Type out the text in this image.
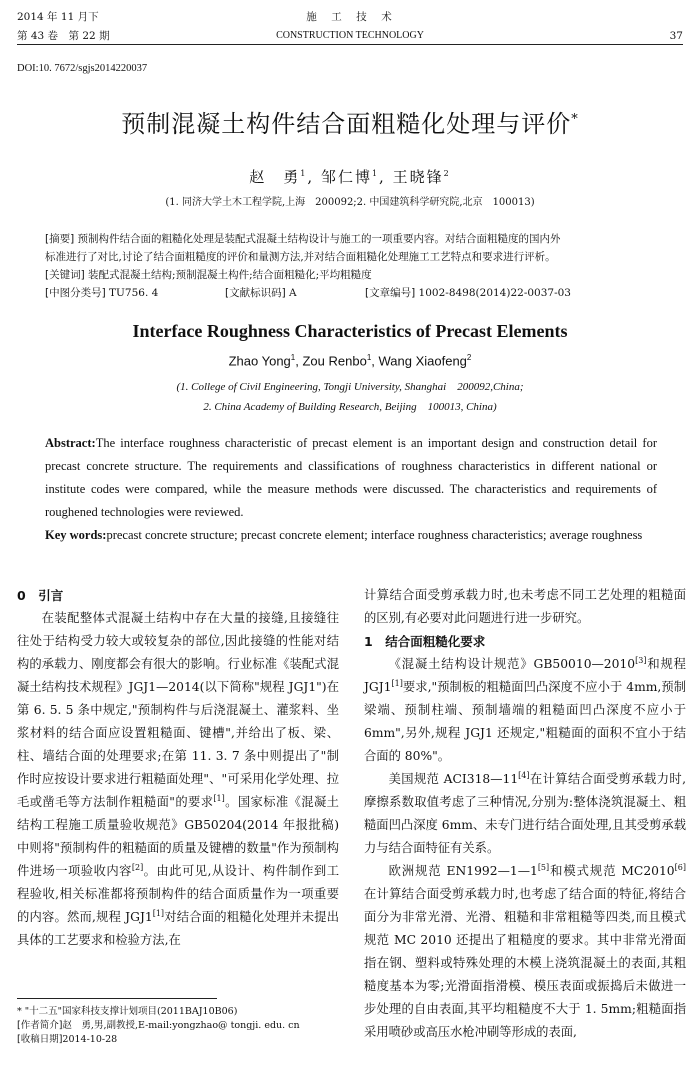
2014 年 11 月下
第 43 卷　第 22 期
施　工　技　术
CONSTRUCTION TECHNOLOGY	37
DOI:10. 7672/sgjs2014220037
预制混凝土构件结合面粗糙化处理与评价*
赵　勇$^1$, 邹仁博$^1$, 王晓锋$^2$
(1. 同济大学土木工程学院,上海　200092;2. 中国建筑科学研究院,北京　100013)
[摘要] 预制构件结合面的粗糙化处理是装配式混凝土结构设计与施工的一项重要内容。对结合面粗糙度的国内外
标准进行了对比,讨论了结合面粗糙度的评价和量测方法,并对结合面粗糙化处理施工工艺特点和要求进行评析。
[关键词] 装配式混凝土结构;预制混凝土构件;结合面粗糙化;平均粗糙度
[中图分类号] TU756. 4	[文献标识码] A	[文章编号] 1002-8498(2014)22-0037-03
Interface Roughness Characteristics of Precast Elements
Zhao Yong$^1$, Zou Renbo$^1$, Wang Xiaofeng$^2$
(1. College of Civil Engineering, Tongji University, Shanghai　200092,China;
2. China Academy of Building Research, Beijing　100013, China)
Abstract:The interface roughness characteristic of precast element is an important design and construction detail for precast concrete structure. The requirements and classifications of roughness characteristics in different national or institute codes were compared, while the measure methods were discussed. The characteristics and requirements of roughened technologies were reviewed.
Key words:precast concrete structure; precast concrete element; interface roughness characteristics; average roughness

0　引言

在装配整体式混凝土结构中存在大量的接缝,且接缝往往处于结构受力较大或较复杂的部位,因此接缝的性能对结构的承载力、刚度都会有很大的影响。行业标准《装配式混凝土结构技术规程》JGJ1—2014(以下简称"规程 JGJ1")在第 6. 5. 5 条中规定,"预制构件与后浇混凝土、灌浆料、坐浆材料的结合面应设置粗糙面、键槽",并给出了板、梁、柱、墙结合面的处理要求;在第 11. 3. 7 条中则提出了"制作时应按设计要求进行粗糙面处理"、"可采用化学处理、拉毛或凿毛等方法制作粗糙面"的要求[1]。国家标准《混凝土结构工程施工质量验收规范》GB50204(2014 年报批稿)中则将"预制构件的粗糙面的质量及键槽的数量"作为预制构件进场一项验收内容[2]。由此可见,从设计、构件制作到工程验收,相关标准都将预制构件的结合面质量作为一项重要的内容。然而,规程 JGJ1[1]对结合面的粗糙化处理并未提出具体的工艺要求和检验方法,在

计算结合面受剪承载力时,也未考虑不同工艺处理的粗糙面的区别,有必要对此问题进行进一步研究。

1　结合面粗糙化要求

《混凝土结构设计规范》GB50010—2010[3]和规程 JGJ1[1]要求,"预制板的粗糙面凹凸深度不应小于 4mm,预制梁端、预制柱端、预制墙端的粗糙面凹凸深度不应小于 6mm",另外,规程 JGJ1 还规定,"粗糙面的面积不宜小于结合面的 80%"。

美国规范 ACI318—11[4]在计算结合面受剪承载力时,摩擦系数取值考虑了三种情况,分别为:整体浇筑混凝土、粗糙面凹凸深度 6mm、未专门进行结合面处理,且其受剪承载力与结合面特征有关系。

欧洲规范 EN1992—1—1[5]和模式规范 MC2010[6]在计算结合面受剪承载力时,也考虑了结合面的特征,将结合面分为非常光滑、光滑、粗糙和非常粗糙等四类,而且模式规范 MC 2010 还提出了粗糙度的要求。其中非常光滑面指在钢、塑料或特殊处理的木模上浇筑混凝土的表面,其粗糙度基本为零;光滑面指滑模、模压表面或振捣后未做进一步处理的自由表面,其平均粗糙度不大于 1. 5mm;粗糙面指采用喷砂或高压水枪冲刷等形成的表面,

* "十二五"国家科技支撑计划项目(2011BAJ10B06)
[作者简介]赵　勇,男,副教授,E-mail:yongzhao@ tongji. edu. cn
[收稿日期]2014-10-28
